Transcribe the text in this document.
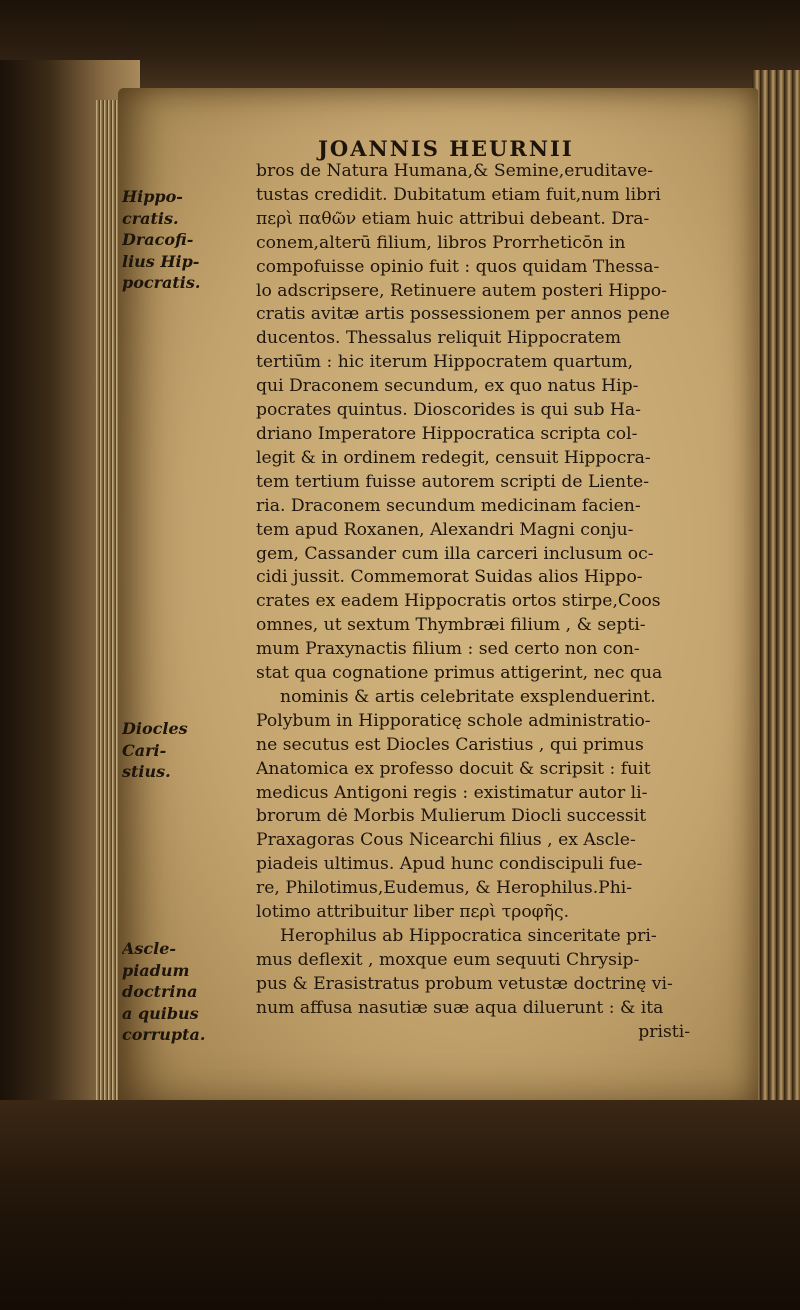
JOANNIS HEURNII
Hippo-
cratis.
Dracofi-
lius Hip-
pocratis.
Diocles
Cari-
stius.
Ascle-
piadum
doctrina
a quibus
corrupta.
bros de Natura Humana,& Semine,eruditave-
tustas credidit. Dubitatum etiam fuit,num libri
περὶ παθῶν etiam huic attribui debeant. Dra-
conem,alterū filium, libros Prorrheticōn in
compofuisse opinio fuit : quos quidam Thessa-
lo adscripsere, Retinuere autem posteri Hippo-
cratis avitæ artis possessionem per annos pene
ducentos. Thessalus reliquit Hippocratem
tertiūm : hic iterum Hippocratem quartum,
qui Draconem secundum, ex quo natus Hip-
pocrates quintus. Dioscorides is qui sub Ha-
driano Imperatore Hippocratica scripta col-
legit & in ordinem redegit, censuit Hippocra-
tem tertium fuisse autorem scripti de Liente-
ria. Draconem secundum medicinam facien-
tem apud Roxanen, Alexandri Magni conju-
gem, Cassander cum illa carceri inclusum oc-
cidi jussit. Commemorat Suidas alios Hippo-
crates ex eadem Hippocratis ortos stirpe,Coos
omnes, ut sextum Thymbræi filium , & septi-
mum Praxynactis filium : sed certo non con-
stat qua cognatione primus attigerint, nec qua
nominis & artis celebritate exsplenduerint.
Polybum in Hipporaticę schole administratio-
ne secutus est Diocles Caristius , qui primus
Anatomica ex professo docuit & scripsit : fuit
medicus Antigoni regis : existimatur autor li-
brorum dė Morbis Mulierum Diocli successit
Praxagoras Cous Nicearchi filius , ex Ascle-
piadeis ultimus. Apud hunc condiscipuli fue-
re, Philotimus,Eudemus, & Herophilus.Phi-
lotimo attribuitur liber περὶ τροφῆς.
Herophilus ab Hippocratica sinceritate pri-
mus deflexit , moxque eum sequuti Chrysip-
pus & Erasistratus probum vetustæ doctrinę vi-
num affusa nasutiæ suæ aqua diluerunt : & ita
pristi-
